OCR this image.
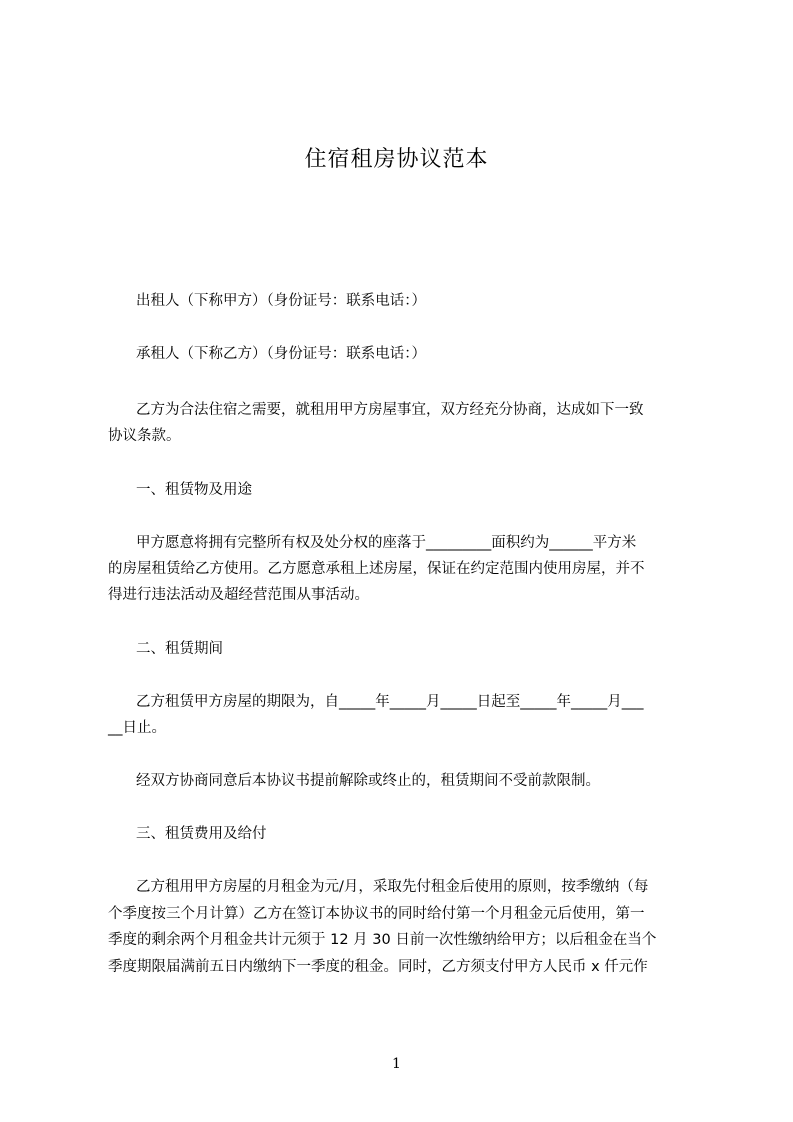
住宿租房协议范本
出租人（下称甲方）（身份证号：联系电话：）
承租人（下称乙方）（身份证号：联系电话：）
乙方为合法住宿之需要，就租用甲方房屋事宜，双方经充分协商，达成如下一致
协议条款。
一、租赁物及用途
甲方愿意将拥有完整所有权及处分权的座落于_________面积约为______平方米
的房屋租赁给乙方使用。乙方愿意承租上述房屋，保证在约定范围内使用房屋，并不
得进行违法活动及超经营范围从事活动。
二、租赁期间
乙方租赁甲方房屋的期限为，自_____年_____月_____日起至_____年_____月___
__日止。
经双方协商同意后本协议书提前解除或终止的，租赁期间不受前款限制。
三、租赁费用及给付
乙方租用甲方房屋的月租金为元/月，采取先付租金后使用的原则，按季缴纳（每
个季度按三个月计算）乙方在签订本协议书的同时给付第一个月租金元后使用，第一
季度的剩余两个月租金共计元须于 12 月 30 日前一次性缴纳给甲方；以后租金在当个
季度期限届满前五日内缴纳下一季度的租金。同时，乙方须支付甲方人民币 x 仟元作
1
